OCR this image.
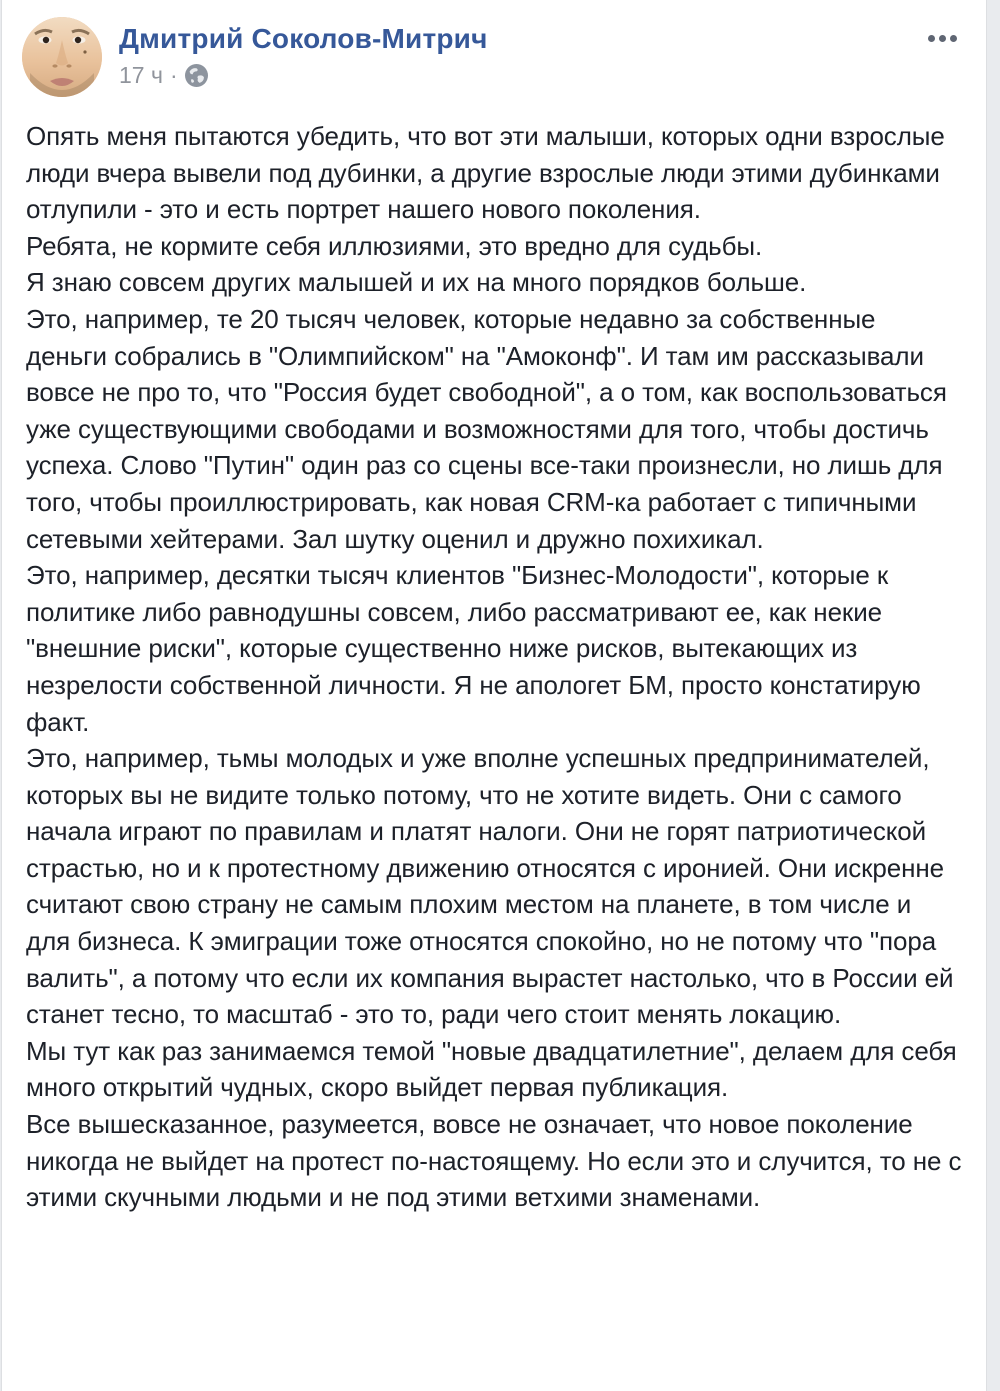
Дмитрий Соколов-Митрич
17 ч ·
Опять меня пытаются убедить, что вот эти малыши, которых одни взрослые люди вчера вывели под дубинки, а другие взрослые люди этими дубинками отлупили - это и есть портрет нашего нового поколения.
Ребята, не кормите себя иллюзиями, это вредно для судьбы.
Я знаю совсем других малышей и их на много порядков больше.
Это, например, те 20 тысяч человек, которые недавно за собственные деньги собрались в "Олимпийском" на "Амоконф". И там им рассказывали вовсе не про то, что "Россия будет свободной", а о том, как воспользоваться уже существующими свободами и возможностями для того, чтобы достичь успеха. Слово "Путин" один раз со сцены все-таки произнесли, но лишь для того, чтобы проиллюстрировать, как новая CRM-ка работает с типичными сетевыми хейтерами. Зал шутку оценил и дружно похихикал.
Это, например, десятки тысяч клиентов "Бизнес-Молодости", которые к политике либо равнодушны совсем, либо рассматривают ее, как некие "внешние риски", которые существенно ниже рисков, вытекающих из незрелости собственной личности. Я не апологет БМ, просто констатирую факт.
Это, например, тьмы молодых и уже вполне успешных предпринимателей, которых вы не видите только потому, что не хотите видеть. Они с самого начала играют по правилам и платят налоги. Они не горят патриотической страстью, но и к протестному движению относятся с иронией. Они искренне считают свою страну не самым плохим местом на планете, в том числе и для бизнеса. К эмиграции тоже относятся спокойно, но не потому что "пора валить", а потому что если их компания вырастет настолько, что в России ей станет тесно, то масштаб - это то, ради чего стоит менять локацию.
Мы тут как раз занимаемся темой "новые двадцатилетние", делаем для себя много открытий чудных, скоро выйдет первая публикация.
Все вышесказанное, разумеется, вовсе не означает, что новое поколение никогда не выйдет на протест по-настоящему. Но если это и случится, то не с этими скучными людьми и не под этими ветхими знаменами.
